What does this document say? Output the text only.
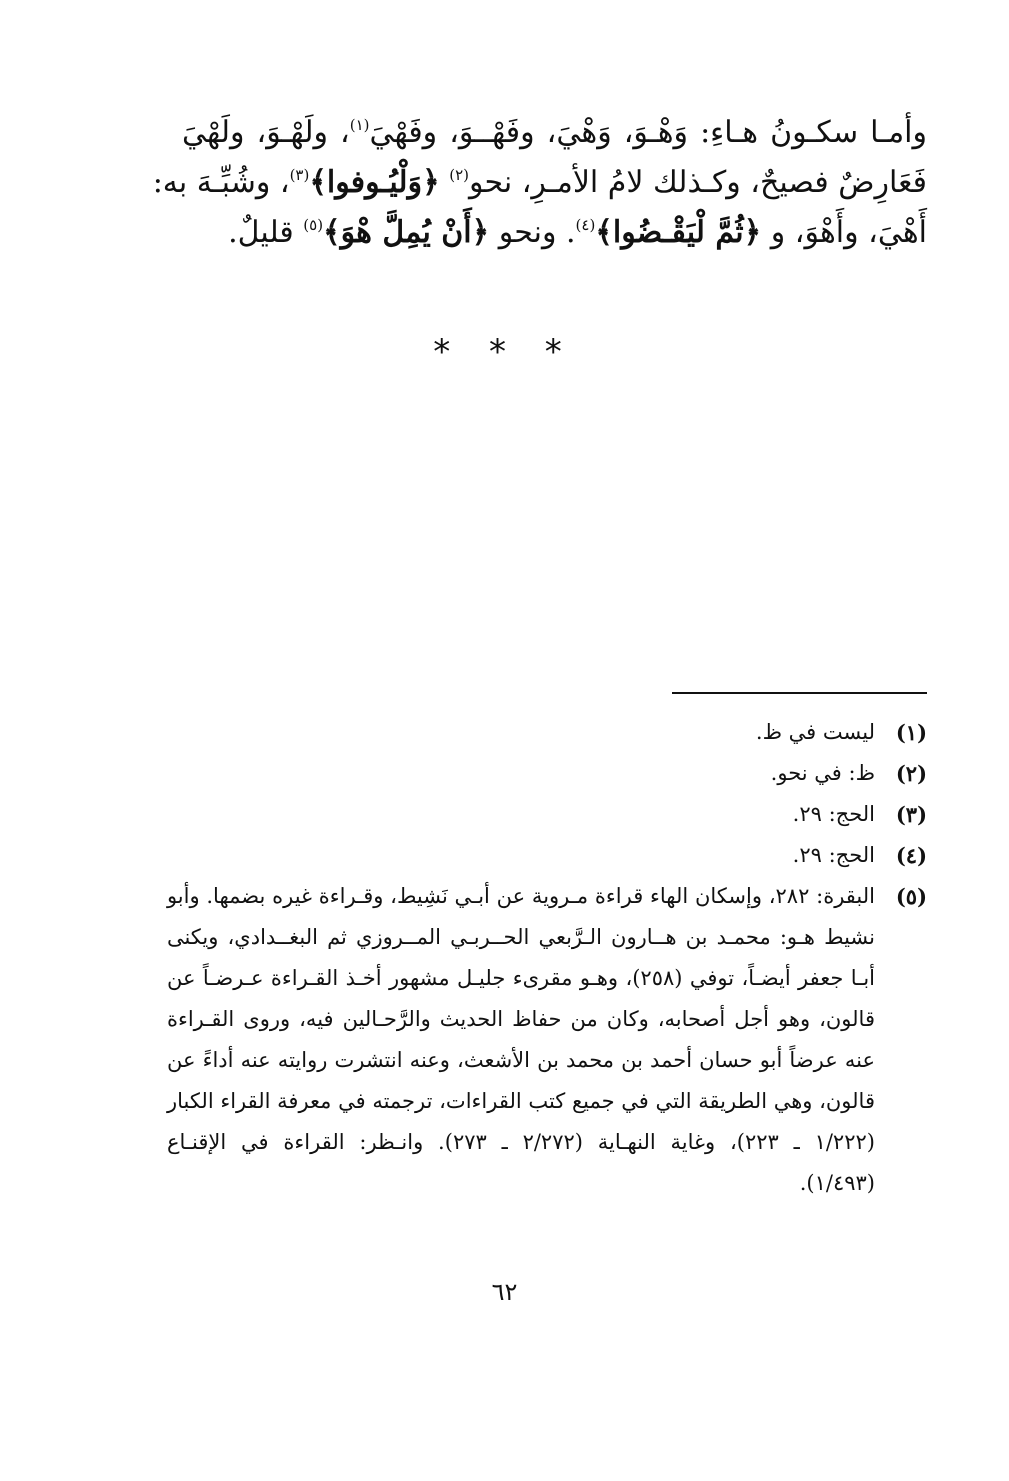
وأمـا سكـونُ هـاءِ: وَهْـوَ، وَهْيَ، وفَهْــوَ، وفَهْيَ$^{(١)}$، ولَهْـوَ، ولَهْيَ
فَعَارِضٌ فصيحٌ، وكـذلك لامُ الأمـرِ، نحو$^{(٢)}$ ﴿وَلْيُـوفوا﴾$^{(٣)}$، وشُبِّـهَ به:
أَهْيَ، وأَهْوَ، و ﴿ثُمَّ لْيَقْـضُوا﴾$^{(٤)}$. ونحو ﴿أَنْ يُمِلَّ هْوَ﴾$^{(٥)}$ قليلٌ.
* * *
(١)
ليست في ظ.
(٢)
ظ: في نحو.
(٣)
الحج: ٢٩.
(٤)
الحج: ٢٩.
(٥)
البقرة: ٢٨٢، وإسكان الهاء قراءة مـروية عن أبـي نَشِيط، وقـراءة غيره بضمها. وأبو
نشيط هـو: محمـد بن هــارون الـرَّبعي الحــربـي المــروزي ثم البغــدادي، ويكنى
أبـا جعفر أيضـاً، توفي (٢٥٨)، وهـو مقرىء جليـل مشهور أخـذ القـراءة عـرضـاً عن
قالون، وهو أجل أصحابه، وكان من حفاظ الحديث والرَّحـالين فيه، وروى القـراءة
عنه عرضاً أبو حسان أحمد بن محمد بن الأشعث، وعنه انتشرت روايته عنه أداءً عن
قالون، وهي الطريقة التي في جميع كتب القراءات، ترجمته في معرفة القراء الكبار
(١/٢٢٢ ـ ٢٢٣)، وغاية النهـاية (٢/٢٧٢ ـ ٢٧٣). وانـظر: القراءة في الإقنـاع
(١/٤٩٣).
٦٢
